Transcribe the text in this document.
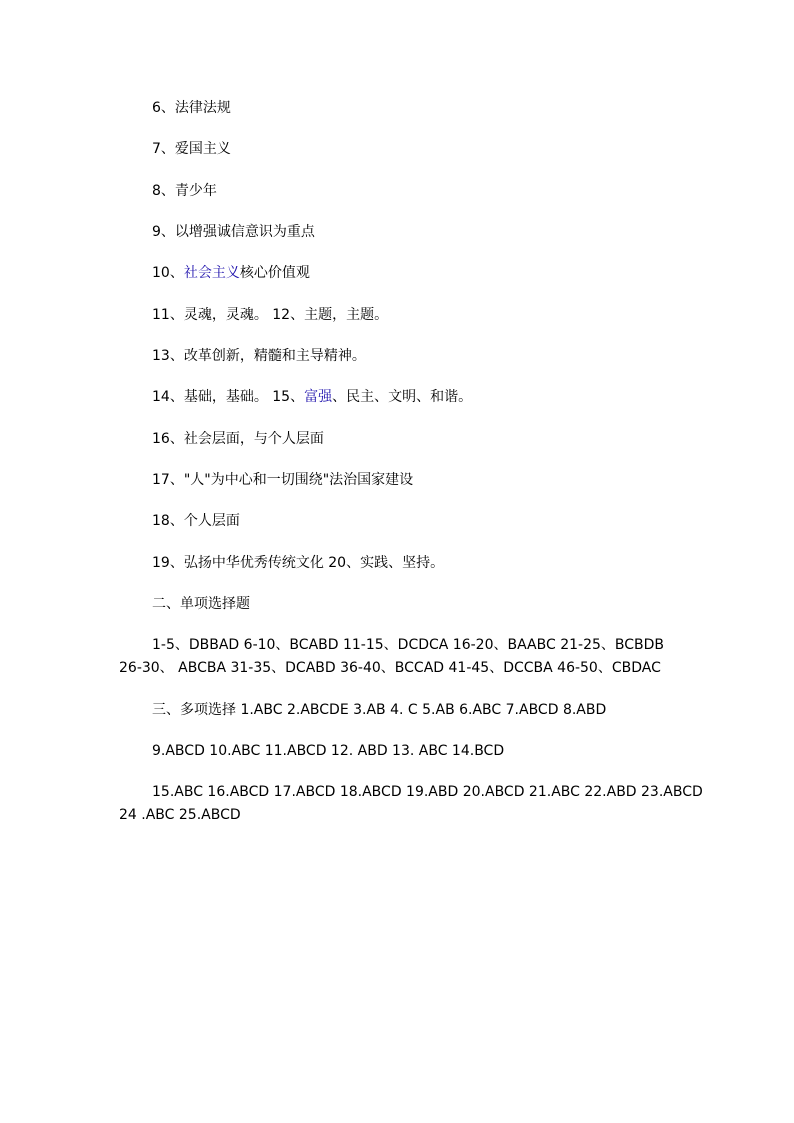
6、法律法规
7、爱国主义
8、青少年
9、以增强诚信意识为重点
10、社会主义核心价值观
11、灵魂，灵魂。 12、主题，主题。
13、改革创新，精髓和主导精神。
14、基础，基础。 15、富强、民主、文明、和谐。
16、社会层面，与个人层面
17、"人"为中心和一切围绕"法治国家建设
18、个人层面
19、弘扬中华优秀传统文化 20、实践、坚持。
二、单项选择题
1-5、DBBAD 6-10、BCABD 11-15、DCDCA 16-20、BAABC 21-25、BCBDB
26-30、 ABCBA 31-35、DCABD 36-40、BCCAD 41-45、DCCBA 46-50、CBDAC
三、多项选择 1.ABC 2.ABCDE 3.AB 4. C 5.AB 6.ABC 7.ABCD 8.ABD
9.ABCD 10.ABC 11.ABCD 12. ABD 13. ABC 14.BCD
15.ABC 16.ABCD 17.ABCD 18.ABCD 19.ABD 20.ABCD 21.ABC 22.ABD 23.ABCD
24 .ABC 25.ABCD
